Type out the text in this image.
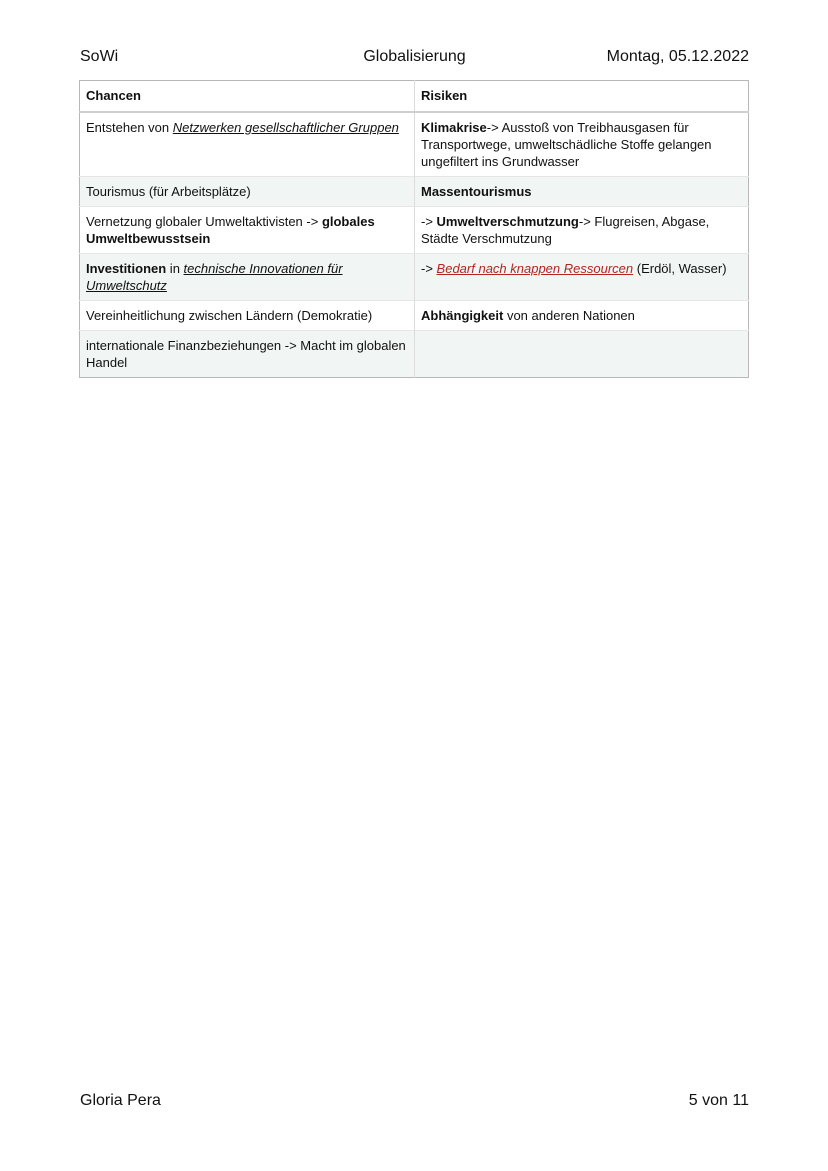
SoWi	Globalisierung	Montag, 05.12.2022
Chancen	Risiken
Entstehen von Netzwerken gesellschaftlicher Gruppen	Klimakrise-> Ausstoß von Treibhausgasen für Transportwege, umweltschädliche Stoffe gelangen ungefiltert ins Grundwasser
Tourismus (für Arbeitsplätze)	Massentourismus
Vernetzung globaler Umweltaktivisten -> globales Umweltbewusstsein	-> Umweltverschmutzung-> Flugreisen, Abgase, Städte Verschmutzung
Investitionen in technische Innovationen für Umweltschutz	-> Bedarf nach knappen Ressourcen (Erdöl, Wasser)
Vereinheitlichung zwischen Ländern (Demokratie)	Abhängigkeit von anderen Nationen
internationale Finanzbeziehungen -> Macht im globalen Handel	
Gloria Pera	5 von 11
